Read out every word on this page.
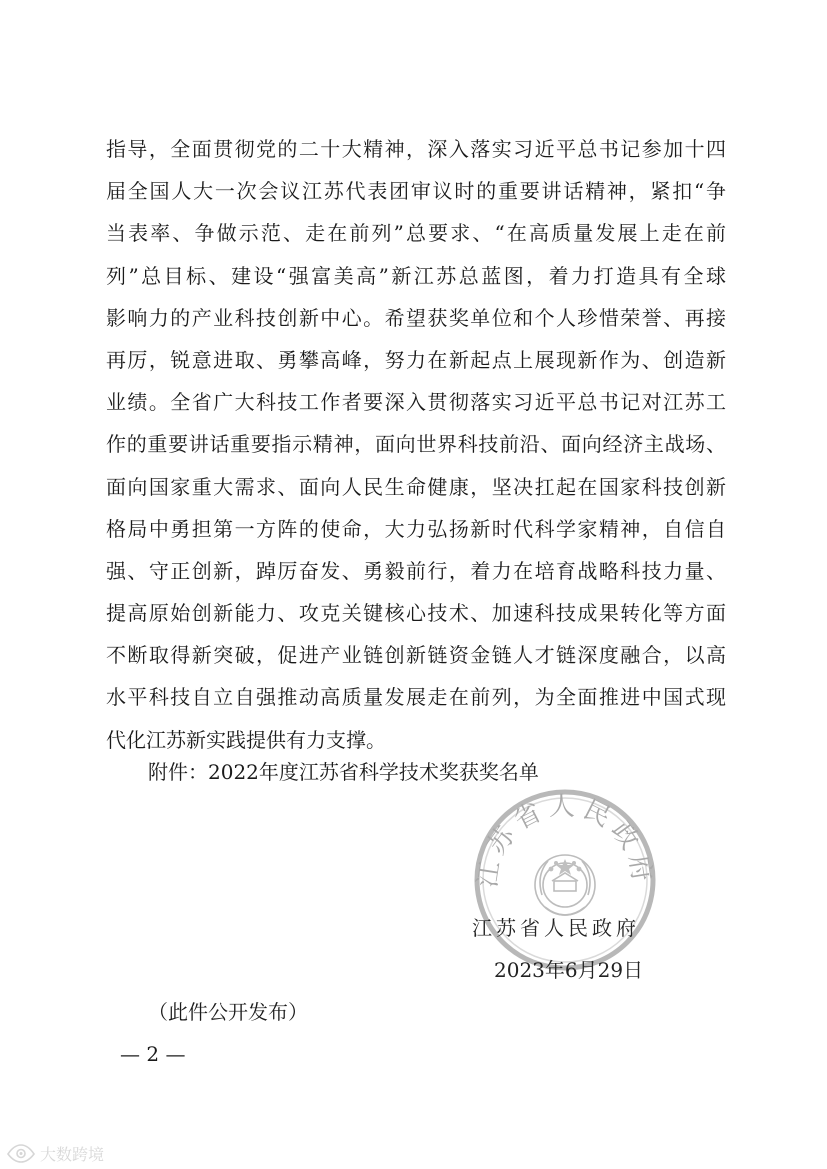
指导，全面贯彻党的二十大精神，深入落实习近平总书记参加十四
届全国人大一次会议江苏代表团审议时的重要讲话精神，紧扣“争
当表率、争做示范、走在前列”总要求、“在高质量发展上走在前
列”总目标、建设“强富美高”新江苏总蓝图，着力打造具有全球
影响力的产业科技创新中心。希望获奖单位和个人珍惜荣誉、再接
再厉，锐意进取、勇攀高峰，努力在新起点上展现新作为、创造新
业绩。全省广大科技工作者要深入贯彻落实习近平总书记对江苏工
作的重要讲话重要指示精神，面向世界科技前沿、面向经济主战场、
面向国家重大需求、面向人民生命健康，坚决扛起在国家科技创新
格局中勇担第一方阵的使命，大力弘扬新时代科学家精神，自信自
强、守正创新，踔厉奋发、勇毅前行，着力在培育战略科技力量、
提高原始创新能力、攻克关键核心技术、加速科技成果转化等方面
不断取得新突破，促进产业链创新链资金链人才链深度融合，以高
水平科技自立自强推动高质量发展走在前列，为全面推进中国式现
代化江苏新实践提供有力支撑。
附件：2022年度江苏省科学技术奖获奖名单
江苏省人民政府
江苏省人民政府
2023年6月29日
（此件公开发布）
— 2 —
大数跨境
